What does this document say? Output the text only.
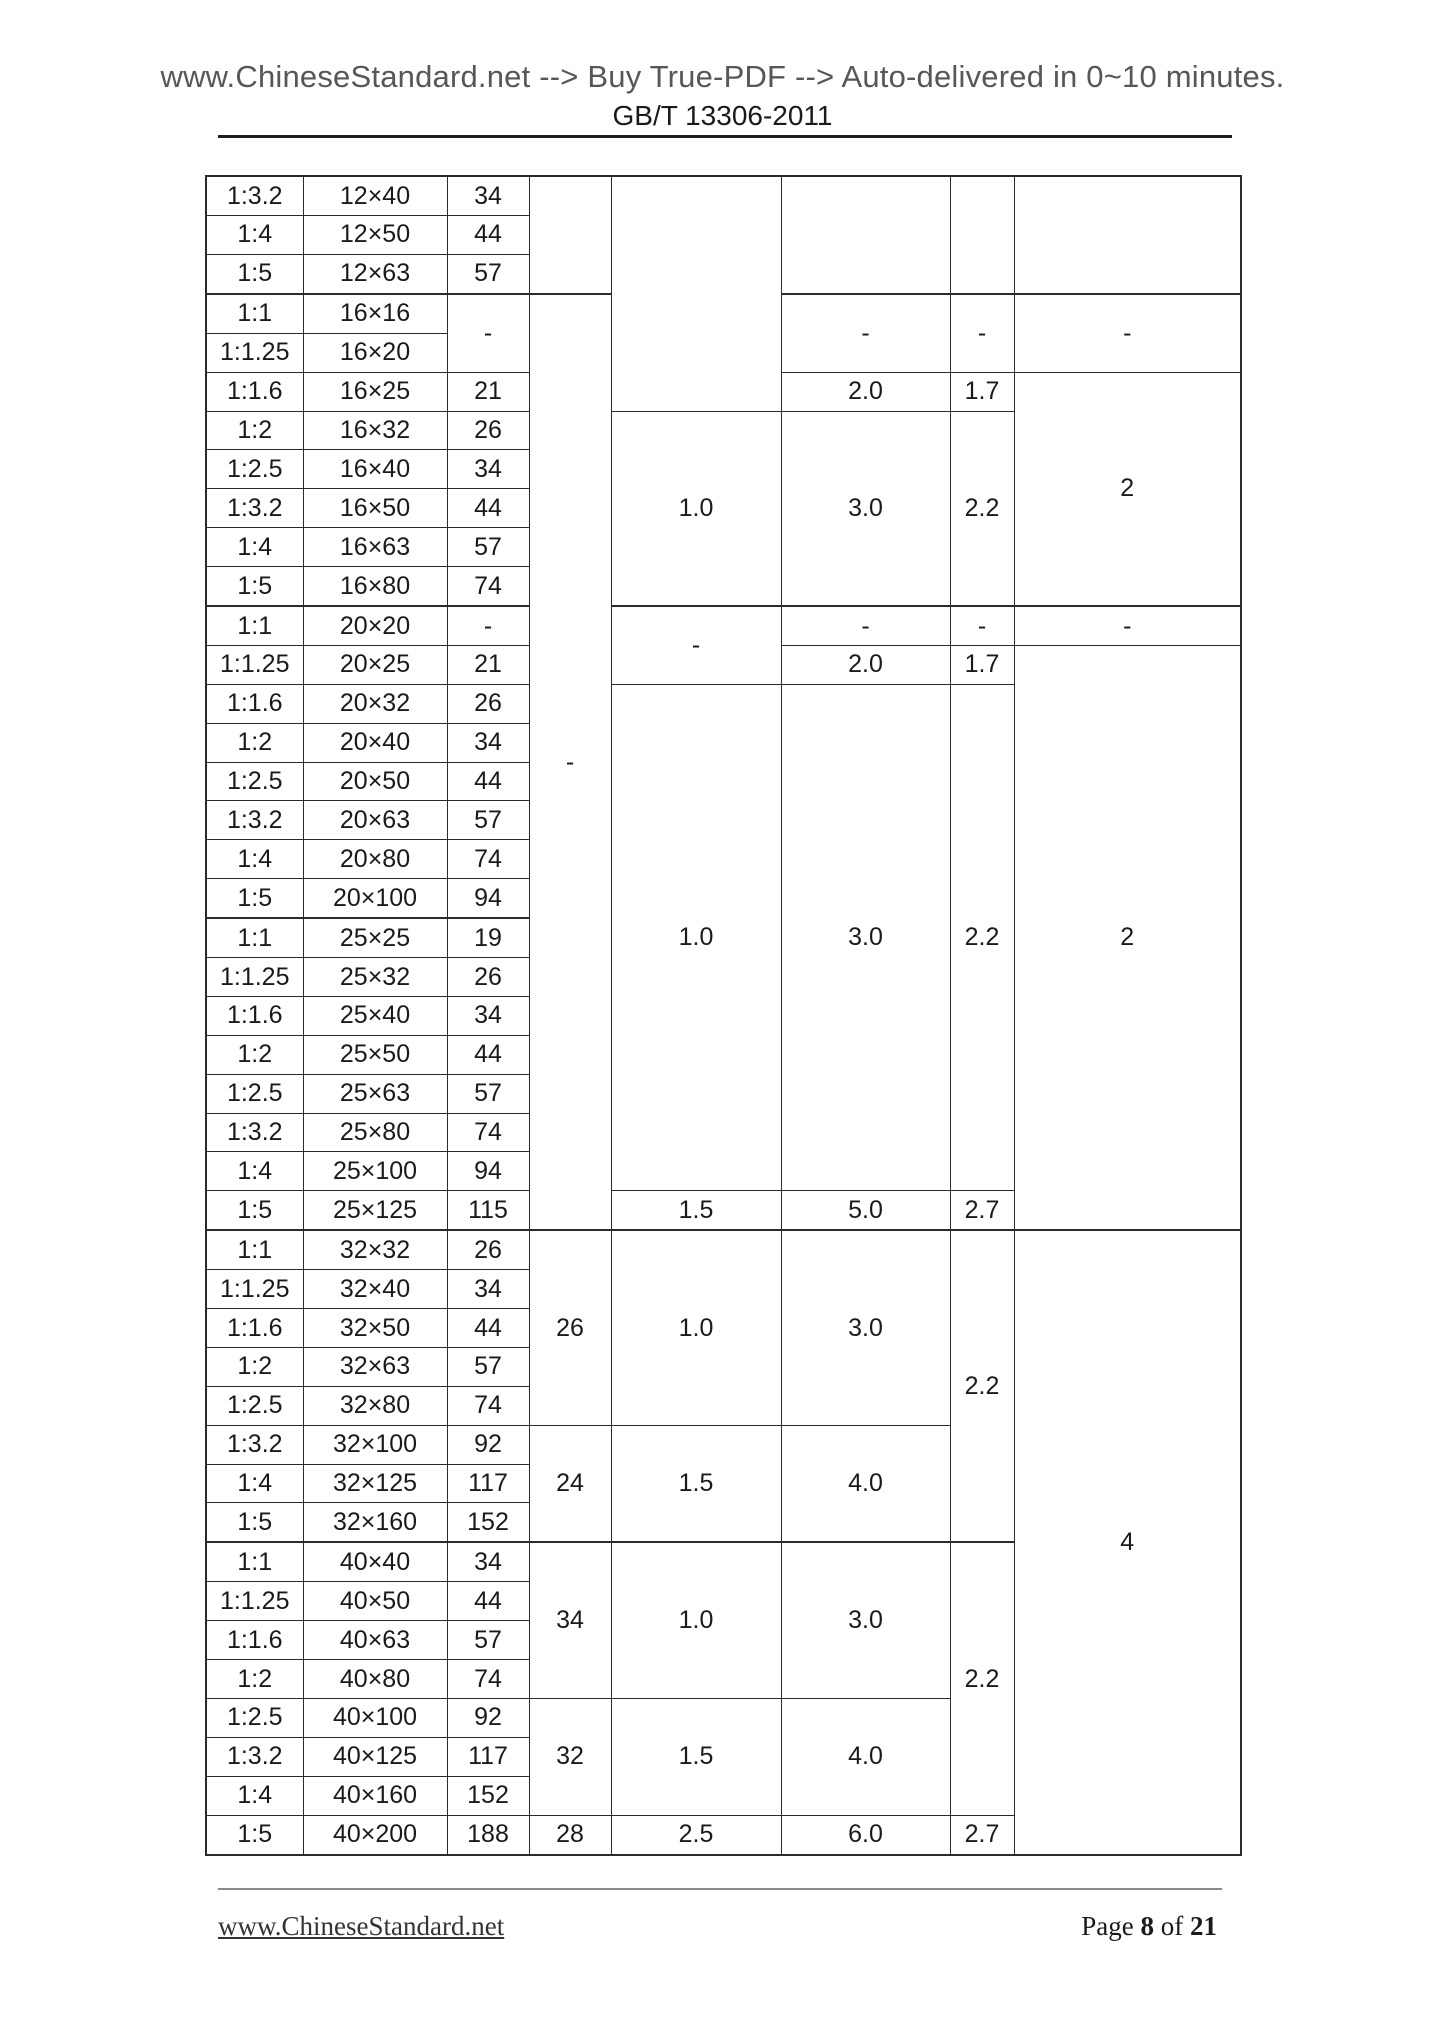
www.ChineseStandard.net --> Buy True-PDF --> Auto-delivered in 0~10 minutes.
GB/T 13306-2011
1:3.2	12×40	34					
1:4	12×50	44					
1:5	12×63	57					
1:1	16×16	-	-		-	-	-
1:1.25	16×20						
1:1.6	16×25	21			2.0	1.7	2
1:2	16×32	26		1.0	3.0	2.2	
1:2.5	16×40	34					
1:3.2	16×50	44					
1:4	16×63	57					
1:5	16×80	74					
1:1	20×20	-		-	-	-	-
1:1.25	20×25	21			2.0	1.7	2
1:1.6	20×32	26		1.0	3.0	2.2	
1:2	20×40	34					
1:2.5	20×50	44					
1:3.2	20×63	57					
1:4	20×80	74					
1:5	20×100	94					
1:1	25×25	19					
1:1.25	25×32	26					
1:1.6	25×40	34					
1:2	25×50	44					
1:2.5	25×63	57					
1:3.2	25×80	74					
1:4	25×100	94					
1:5	25×125	115		1.5	5.0	2.7	
1:1	32×32	26	26	1.0	3.0	2.2	4
1:1.25	32×40	34					
1:1.6	32×50	44					
1:2	32×63	57					
1:2.5	32×80	74					
1:3.2	32×100	92	24	1.5	4.0		
1:4	32×125	117					
1:5	32×160	152					
1:1	40×40	34	34	1.0	3.0	2.2	
1:1.25	40×50	44					
1:1.6	40×63	57					
1:2	40×80	74					
1:2.5	40×100	92	32	1.5	4.0		
1:3.2	40×125	117					
1:4	40×160	152					
1:5	40×200	188	28	2.5	6.0	2.7	
www.ChineseStandard.net	Page 8 of 21
